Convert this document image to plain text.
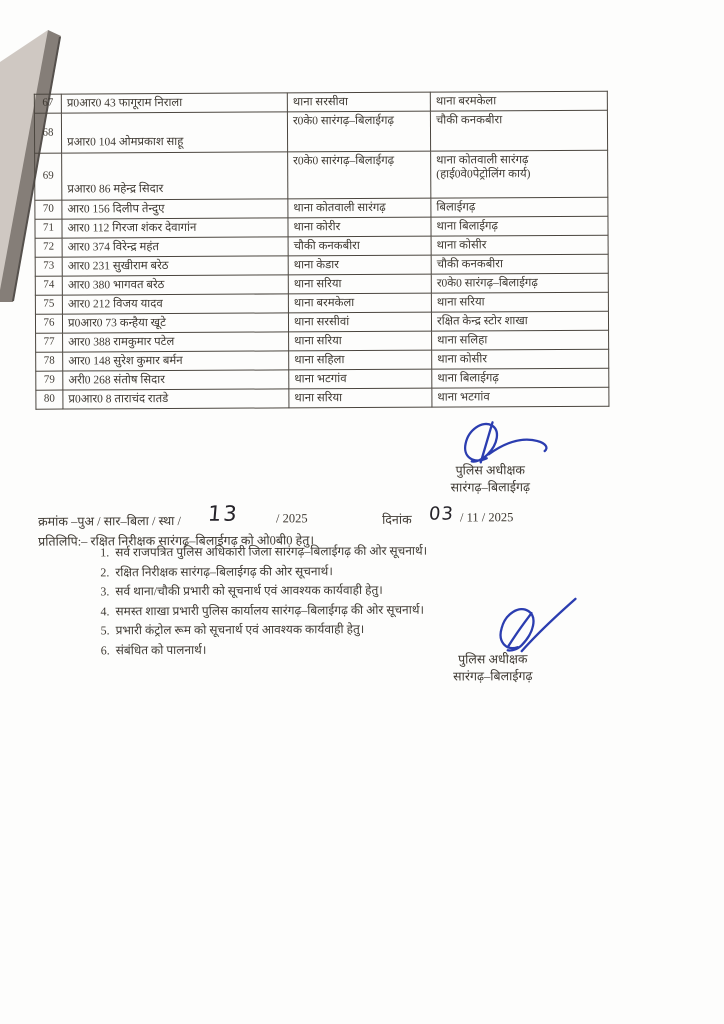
67	प्र0आर0 43 फागूराम निराला	थाना सरसीवा	थाना बरमकेला

68	प्रआर0 104 ओमप्रकाश साहू	र0के0 सारंगढ़–बिलाईगढ़	चौकी कनकबीरा

69	प्रआर0 86 महेन्द्र सिदार	र0के0 सारंगढ़–बिलाईगढ़	थाना कोतवाली सारंगढ़
(हाई0वे0पेट्रोलिंग कार्य)

70	आर0 156 दिलीप तेन्दुए	थाना कोतवाली सारंगढ़	बिलाईगढ़

71	आर0 112 गिरजा शंकर देवागांन	थाना कोरीर	थाना बिलाईगढ़

72	आर0 374 विरेन्द्र महंत	चौकी कनकबीरा	थाना कोसीर

73	आर0 231 सुखीराम बरेठ	थाना केडार	चौकी कनकबीरा

74	आर0 380 भागवत बरेठ	थाना सरिया	र0के0 सारंगढ़–बिलाईगढ़

75	आर0 212 विजय यादव	थाना बरमकेला	थाना सरिया

76	प्र0आर0 73 कन्हैया खूटे	थाना सरसीवां	रक्षित केन्द्र स्टोर शाखा

77	आर0 388 रामकुमार पटेल	थाना सरिया	थाना सलिहा

78	आर0 148 सुरेश कुमार बर्मन	थाना सहिला	थाना कोसीर

79	अरी0 268 संतोष सिदार	थाना भटगांव	थाना बिलाईगढ़

80	प्र0आर0 8 ताराचंद रातडे	थाना सरिया	थाना भटगांव
पुलिस अधीक्षक
सारंगढ़–बिलाईगढ़
क्रमांक –पुअ / सार–बिला / स्था / 13	/ 2025	दिनांक 03 / 11 / 2025
प्रतिलिपि:– रक्षित निरीक्षक सारंगढ़–बिलाईगढ़ को ओ0बी0 हेतु।
1. सर्व राजपत्रित पुलिस अधिकारी जिला सारंगढ़–बिलाईगढ़ की ओर सूचनार्थ।
2. रक्षित निरीक्षक सारंगढ़–बिलाईगढ़ की ओर सूचनार्थ।
3. सर्व थाना/चौकी प्रभारी को सूचनार्थ एवं आवश्यक कार्यवाही हेतु।
4. समस्त शाखा प्रभारी पुलिस कार्यालय सारंगढ़–बिलाईगढ़ की ओर सूचनार्थ।
5. प्रभारी कंट्रोल रूम को सूचनार्थ एवं आवश्यक कार्यवाही हेतु।
6. संबंधित को पालनार्थ।
पुलिस अधीक्षक
सारंगढ़–बिलाईगढ़
